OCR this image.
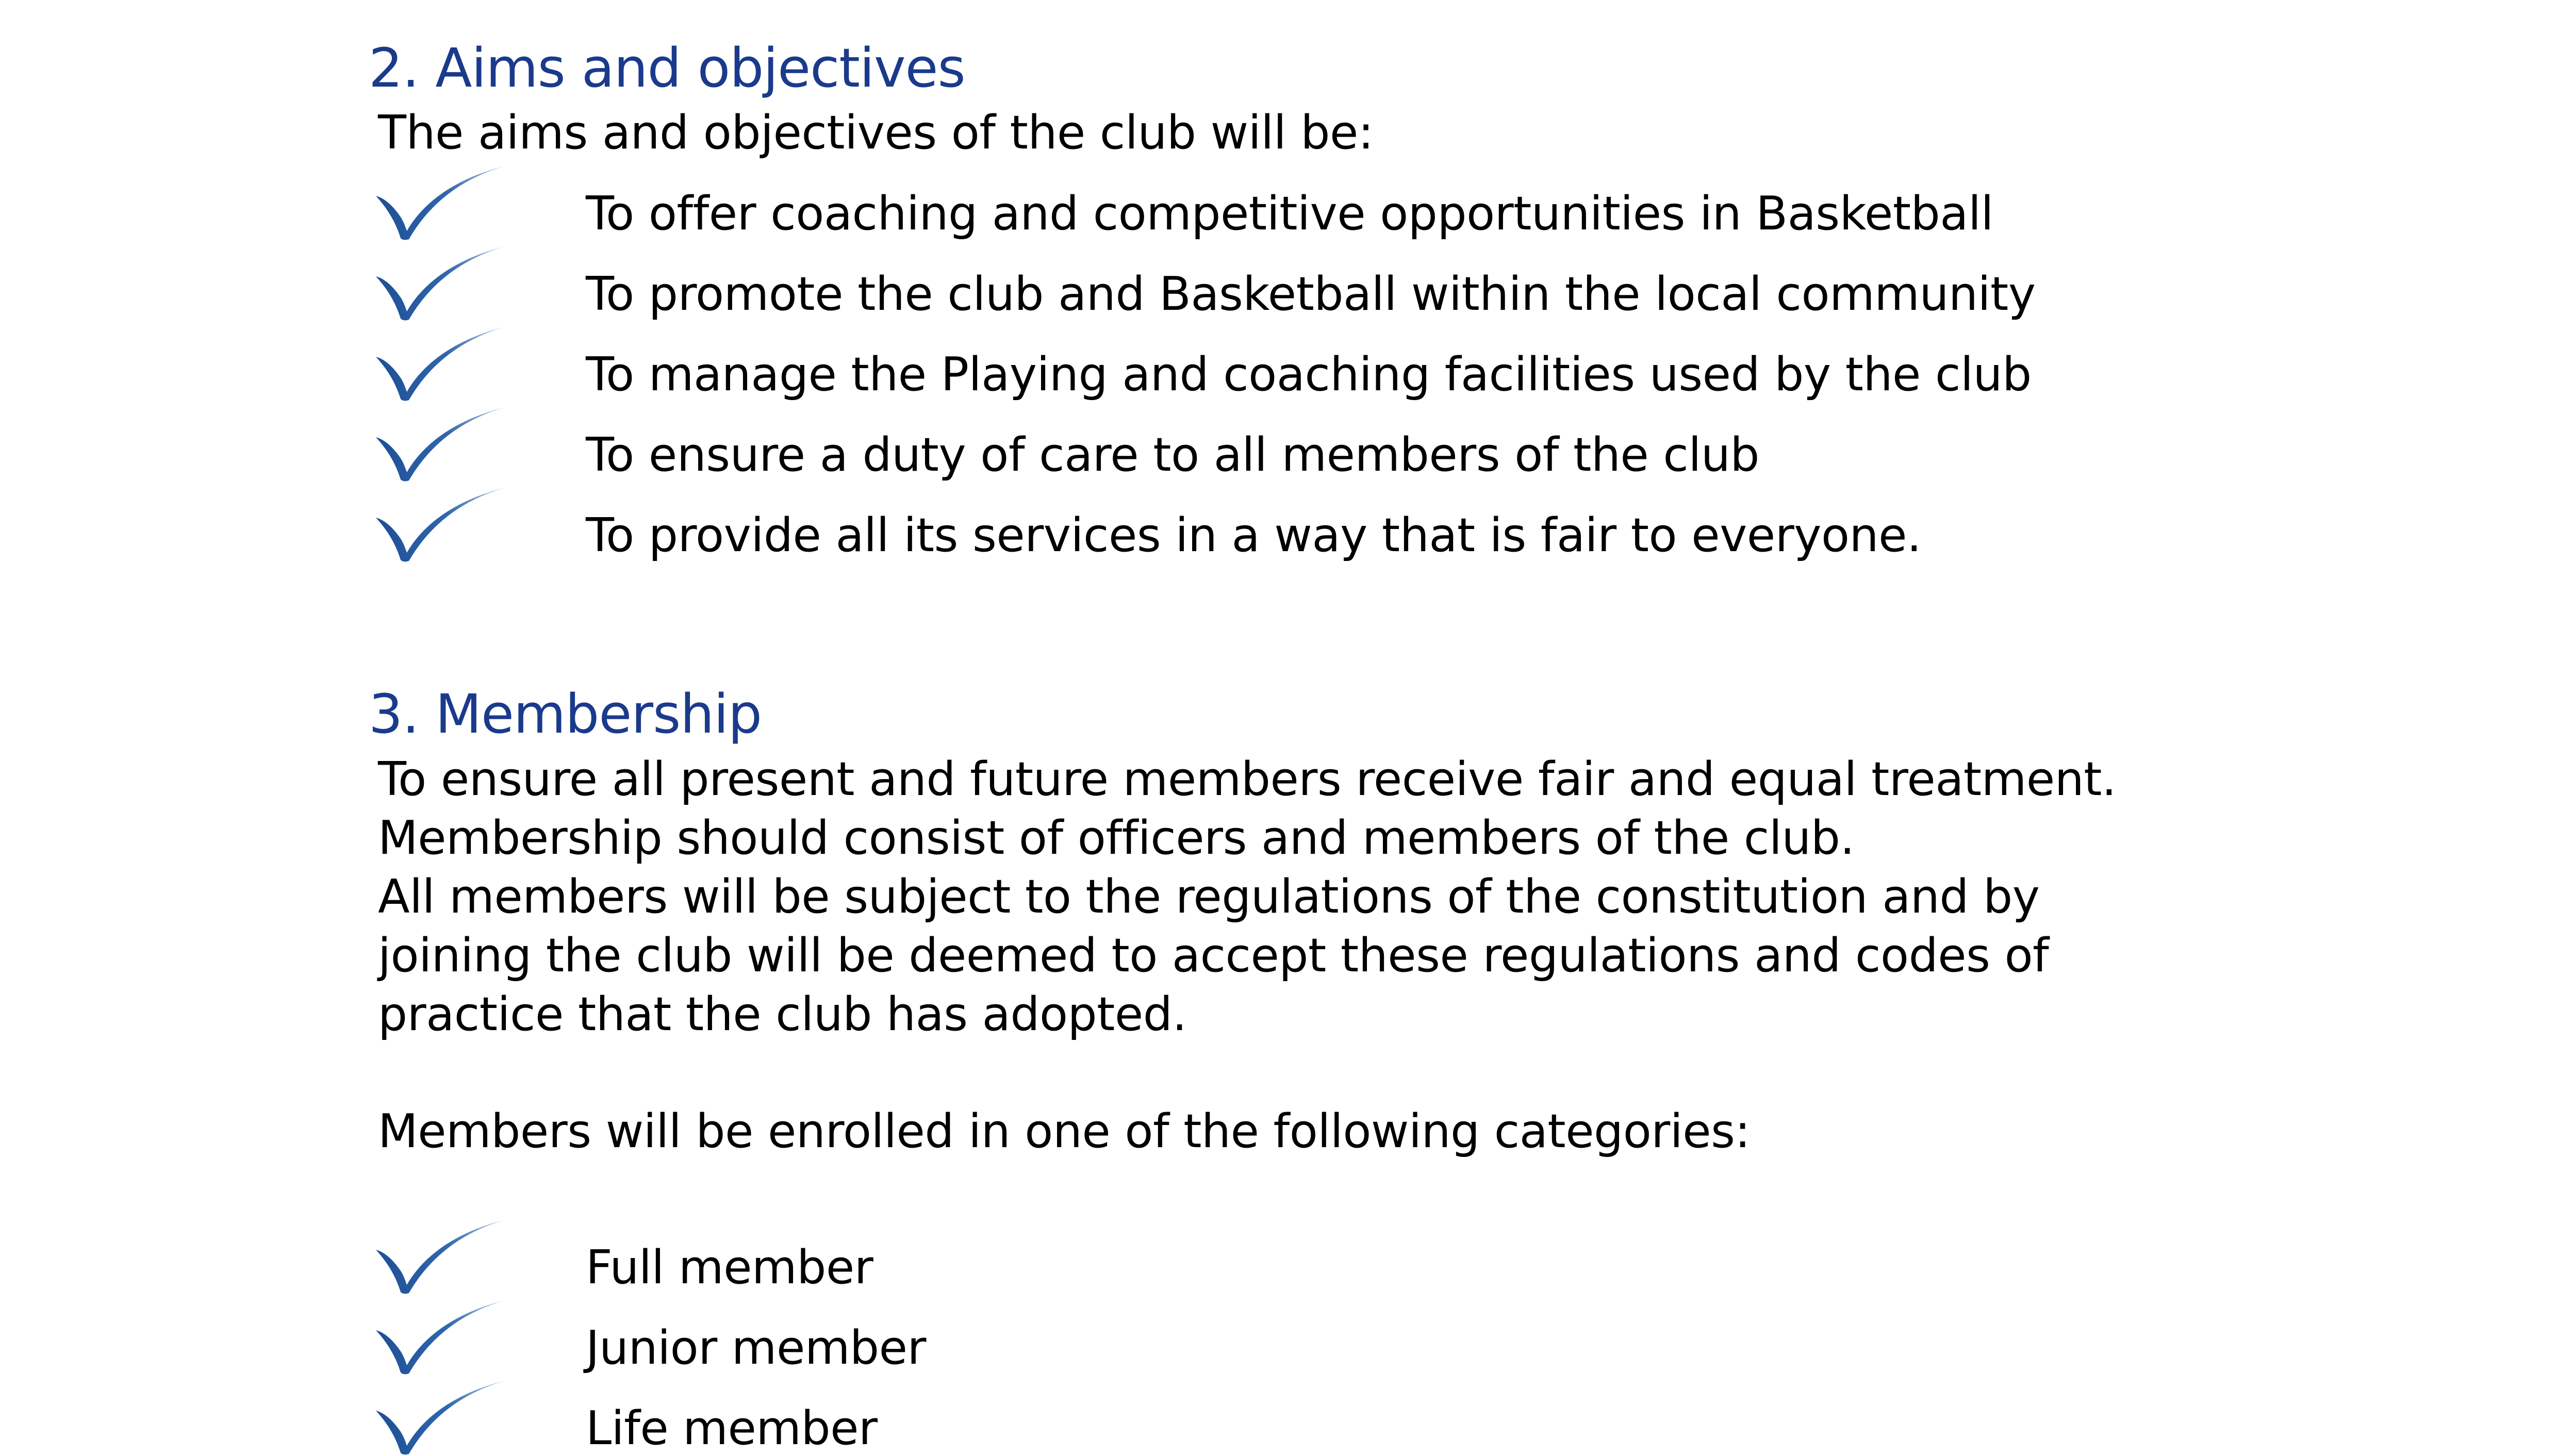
2. Aims and objectives

The aims and objectives of the club will be:

To offer coaching and competitive opportunities in Basketball

To promote the club and Basketball within the local community

To manage the Playing and coaching facilities used by the club

To ensure a duty of care to all members of the club

To provide all its services in a way that is fair to everyone.

3. Membership

To ensure all present and future members receive fair and equal treatment.

Membership should consist of officers and members of the club.

All members will be subject to the regulations of the constitution and by

joining the club will be deemed to accept these regulations and codes of

practice that the club has adopted.

Members will be enrolled in one of the following categories:

Full member

Junior member

Life member
